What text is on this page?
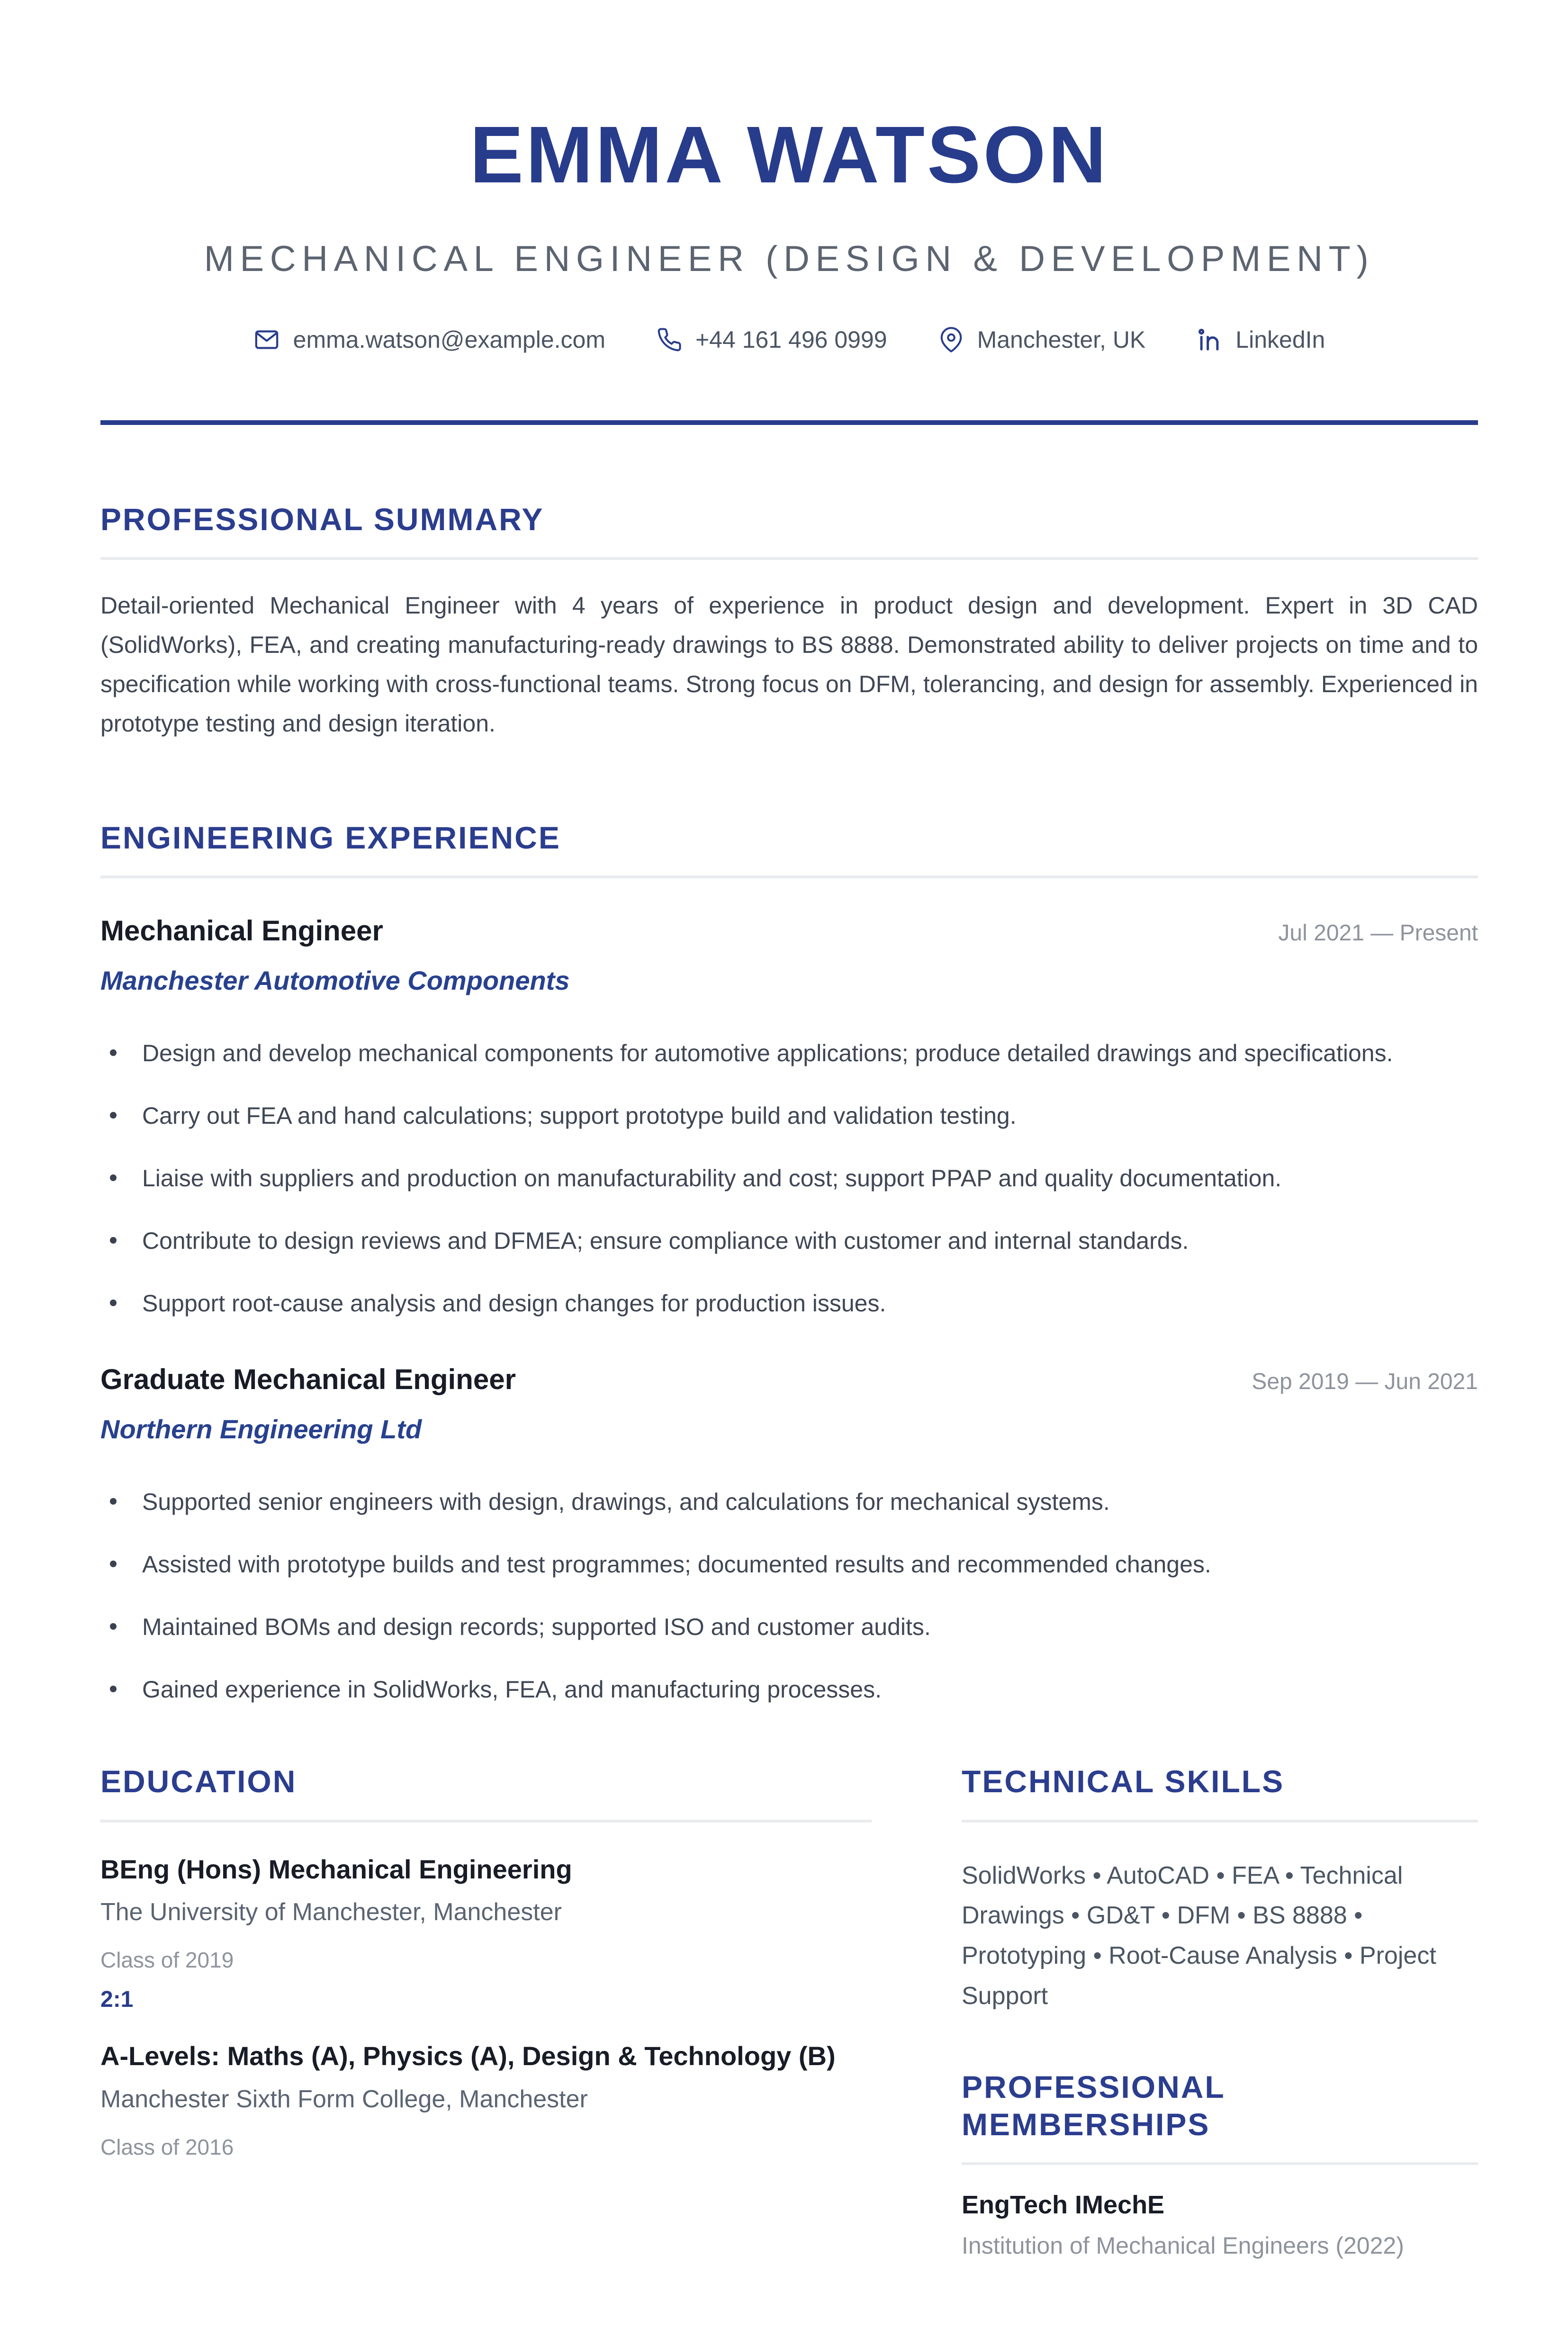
EMMA WATSON
MECHANICAL ENGINEER (DESIGN & DEVELOPMENT)
emma.watson@example.com	+44 161 496 0999	Manchester, UK	LinkedIn
PROFESSIONAL SUMMARY

Detail-oriented Mechanical Engineer with 4 years of experience in product design and development. Expert in 3D CAD (SolidWorks), FEA, and creating manufacturing-ready drawings to BS 8888. Demonstrated ability to deliver projects on time and to specification while working with cross-functional teams. Strong focus on DFM, tolerancing, and design for assembly. Experienced in prototype testing and design iteration.

ENGINEERING EXPERIENCE
Mechanical Engineer	Jul 2021 — Present
Manchester Automotive Components
Design and develop mechanical components for automotive applications; produce detailed drawings and specifications.
Carry out FEA and hand calculations; support prototype build and validation testing.
Liaise with suppliers and production on manufacturability and cost; support PPAP and quality documentation.
Contribute to design reviews and DFMEA; ensure compliance with customer and internal standards.
Support root-cause analysis and design changes for production issues.
Graduate Mechanical Engineer	Sep 2019 — Jun 2021
Northern Engineering Ltd
Supported senior engineers with design, drawings, and calculations for mechanical systems.
Assisted with prototype builds and test programmes; documented results and recommended changes.
Maintained BOMs and design records; supported ISO and customer audits.
Gained experience in SolidWorks, FEA, and manufacturing processes.
EDUCATION
BEng (Hons) Mechanical Engineering
The University of Manchester, Manchester
Class of 2019
2:1
A-Levels: Maths (A), Physics (A), Design & Technology (B)
Manchester Sixth Form College, Manchester
Class of 2016
TECHNICAL SKILLS

SolidWorks • AutoCAD • FEA • Technical Drawings • GD&T • DFM • BS 8888 • Prototyping • Root-Cause Analysis • Project Support

PROFESSIONAL MEMBERSHIPS
EngTech IMechE
Institution of Mechanical Engineers (2022)
